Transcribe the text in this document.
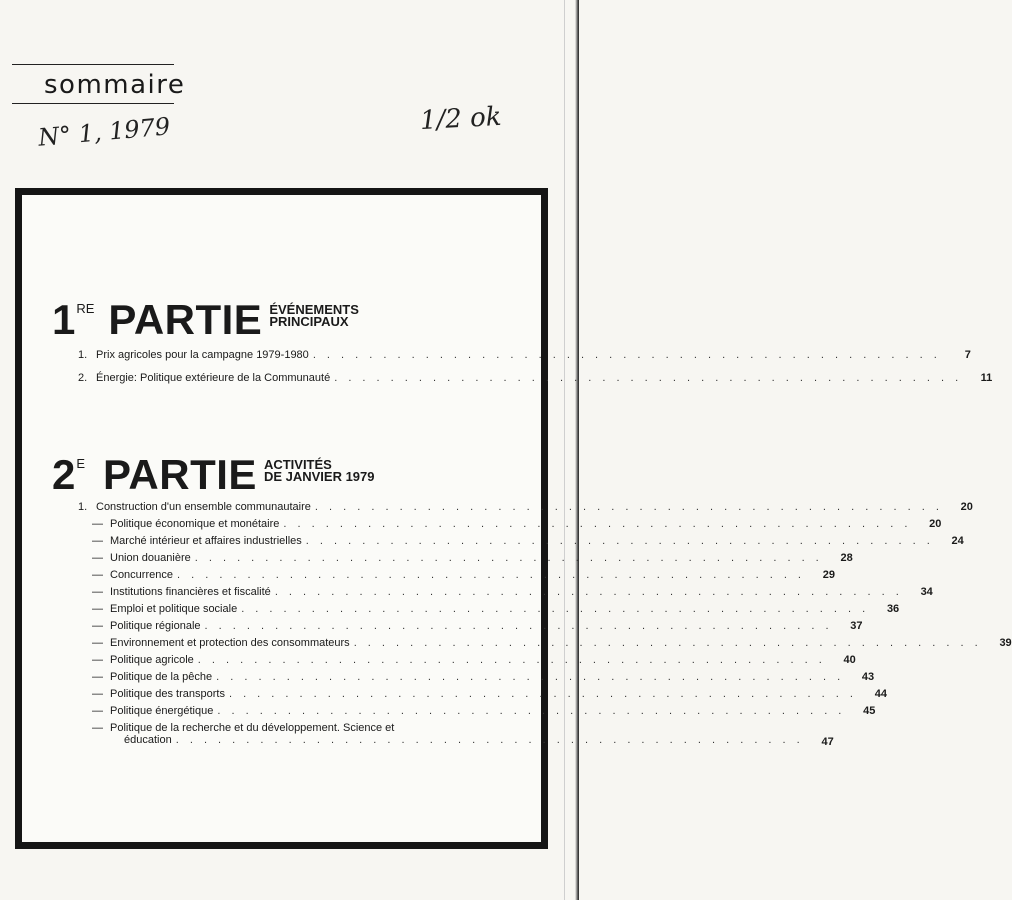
sommaire
N° 1, 1979	1/2 ok
1 RE PARTIE ÉVÉNEMENTS
PRINCIPAUX
1. Prix agricoles pour la campagne 1979-1980 . . .	7
2. Énergie: Politique extérieure de la Communauté . . .	11
2 E PARTIE ACTIVITÉS
DE JANVIER 1979
1. Construction d'un ensemble communautaire . . .	20
— Politique économique et monétaire . . .	20
— Marché intérieur et affaires industrielles . . .	24
— Union douanière . . .	28
— Concurrence . . .	29
— Institutions financières et fiscalité . . .	34
— Emploi et politique sociale . . .	36
— Politique régionale . . .	37
— Environnement et protection des consommateurs . . .	39
— Politique agricole . . .	40
— Politique de la pêche . . .	43
— Politique des transports . . .	44
— Politique énergétique . . .	45
— Politique de la recherche et du développement. Science et
éducation . . .	47
